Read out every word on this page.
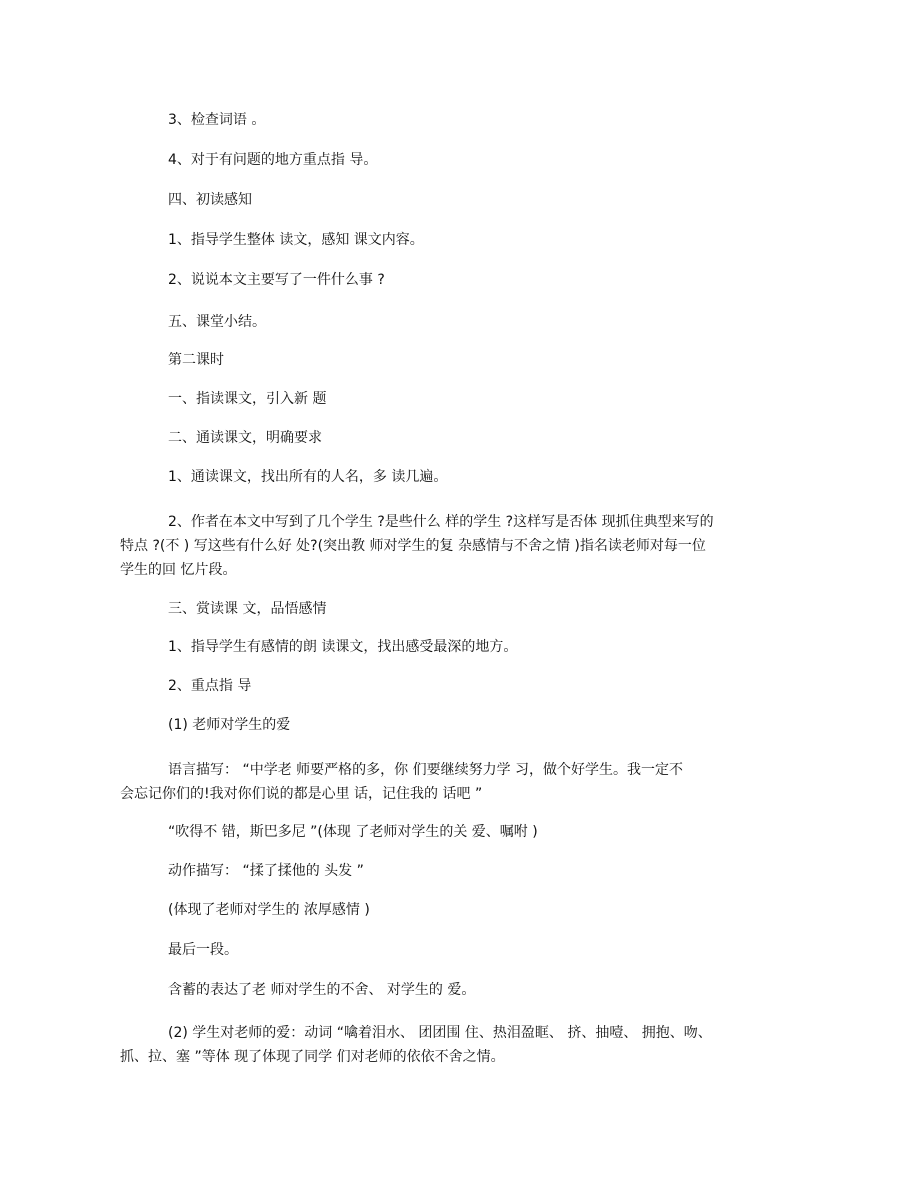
3、检查词语 。
4、对于有问题的地方重点指 导。
四、初读感知
1、指导学生整体 读文，感知 课文内容。
2、说说本文主要写了一件什么事 ?
五、课堂小结。
第二课时
一、指读课文，引入新 题
二、通读课文，明确要求
1、通读课文，找出所有的人名，多 读几遍。
2、作者在本文中写到了几个学生 ?是些什么 样的学生 ?这样写是否体 现抓住典型来写的
特点 ?(不 ) 写这些有什么好 处?(突出教 师对学生的复 杂感情与不舍之情 )指名读老师对每一位
学生的回 忆片段。
三、赏读课 文，品悟感情
1、指导学生有感情的朗 读课文，找出感受最深的地方。
2、重点指 导
(1) 老师对学生的爱
语言描写： “中学老 师要严格的多，你 们要继续努力学 习，做个好学生。我一定不
会忘记你们的!我对你们说的都是心里 话，记住我的 话吧 ”
“吹得不 错，斯巴多尼 ”(体现 了老师对学生的关 爱、嘱咐 )
动作描写： “揉了揉他的 头发 ”
(体现了老师对学生的 浓厚感情 )
最后一段。
含蓄的表达了老 师对学生的不舍、 对学生的 爱。
(2) 学生对老师的爱：动词 “噙着泪水、 团团围 住、热泪盈眶、 挤、抽噎、 拥抱、吻、
抓、拉、塞 ”等体 现了体现了同学 们对老师的依依不舍之情。
